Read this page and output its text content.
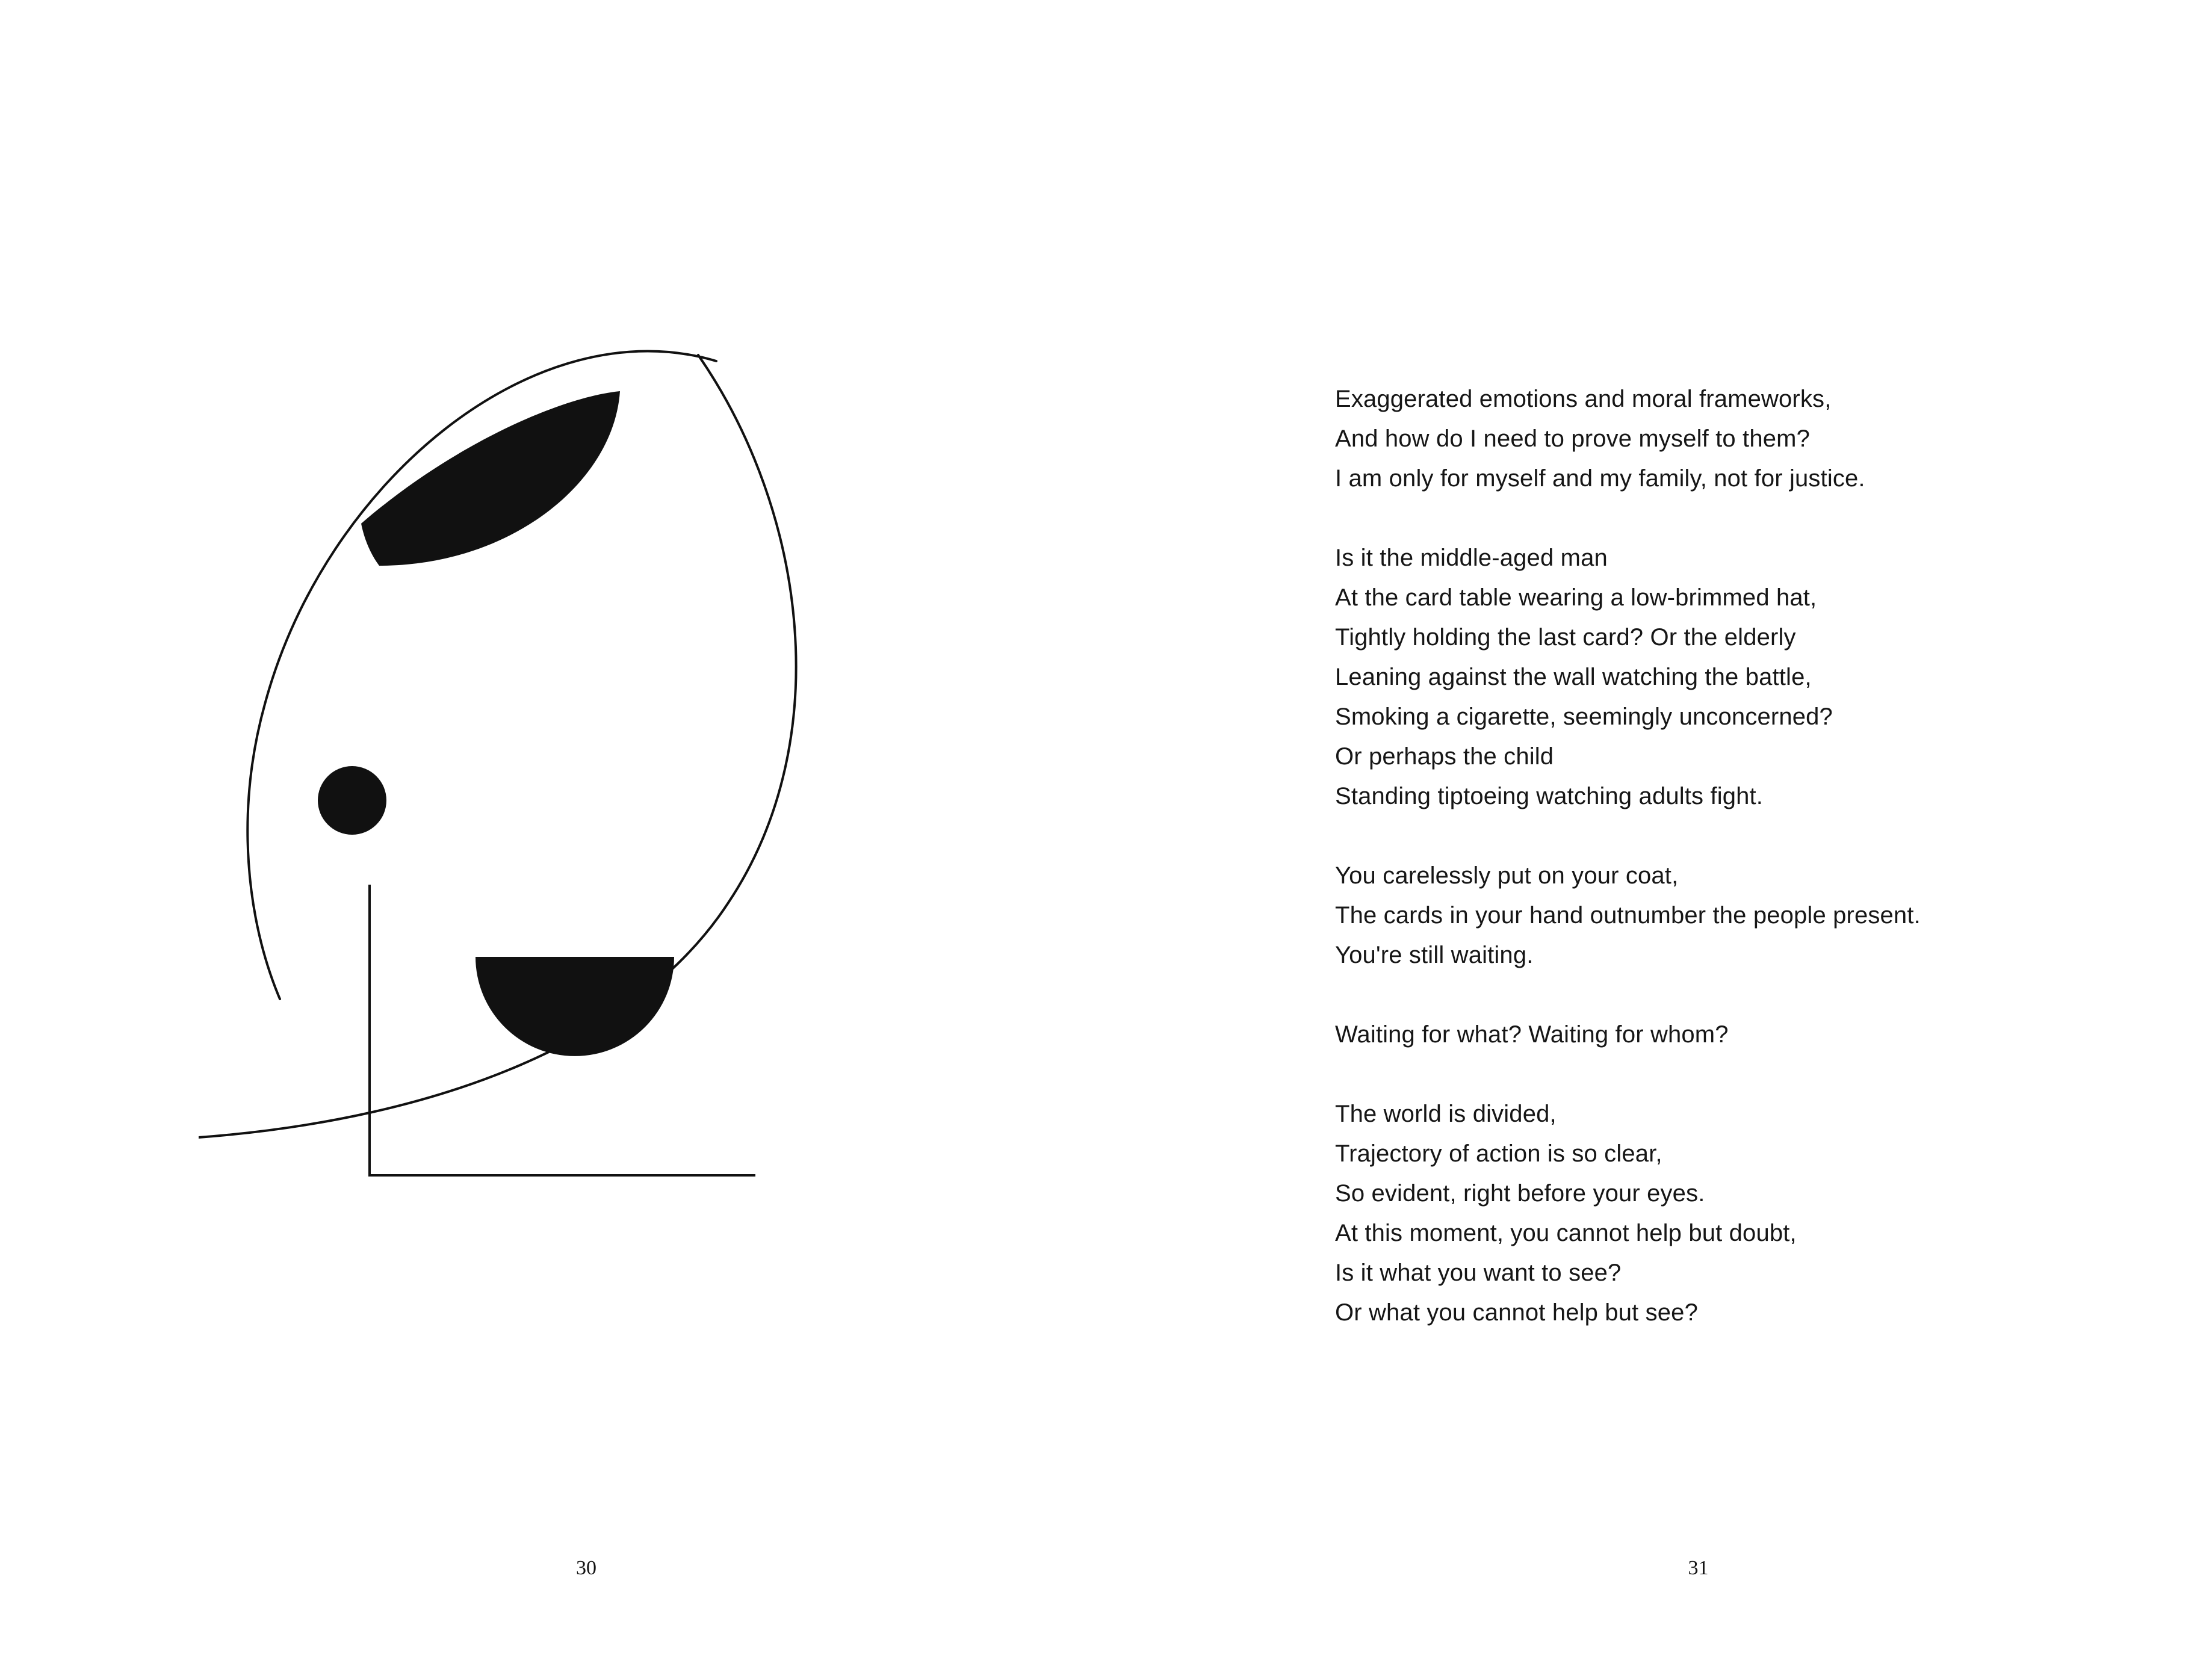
30
Exaggerated emotions and moral frameworks,
And how do I need to prove myself to them?
I am only for myself and my family, not for justice.
Is it the middle-aged man
At the card table wearing a low-brimmed hat,
Tightly holding the last card? Or the elderly
Leaning against the wall watching the battle,
Smoking a cigarette, seemingly unconcerned?
Or perhaps the child
Standing tiptoeing watching adults fight.
You carelessly put on your coat,
The cards in your hand outnumber the people present.
You're still waiting.
Waiting for what? Waiting for whom?
The world is divided,
Trajectory of action is so clear,
So evident, right before your eyes.
At this moment, you cannot help but doubt,
Is it what you want to see?
Or what you cannot help but see?
31
